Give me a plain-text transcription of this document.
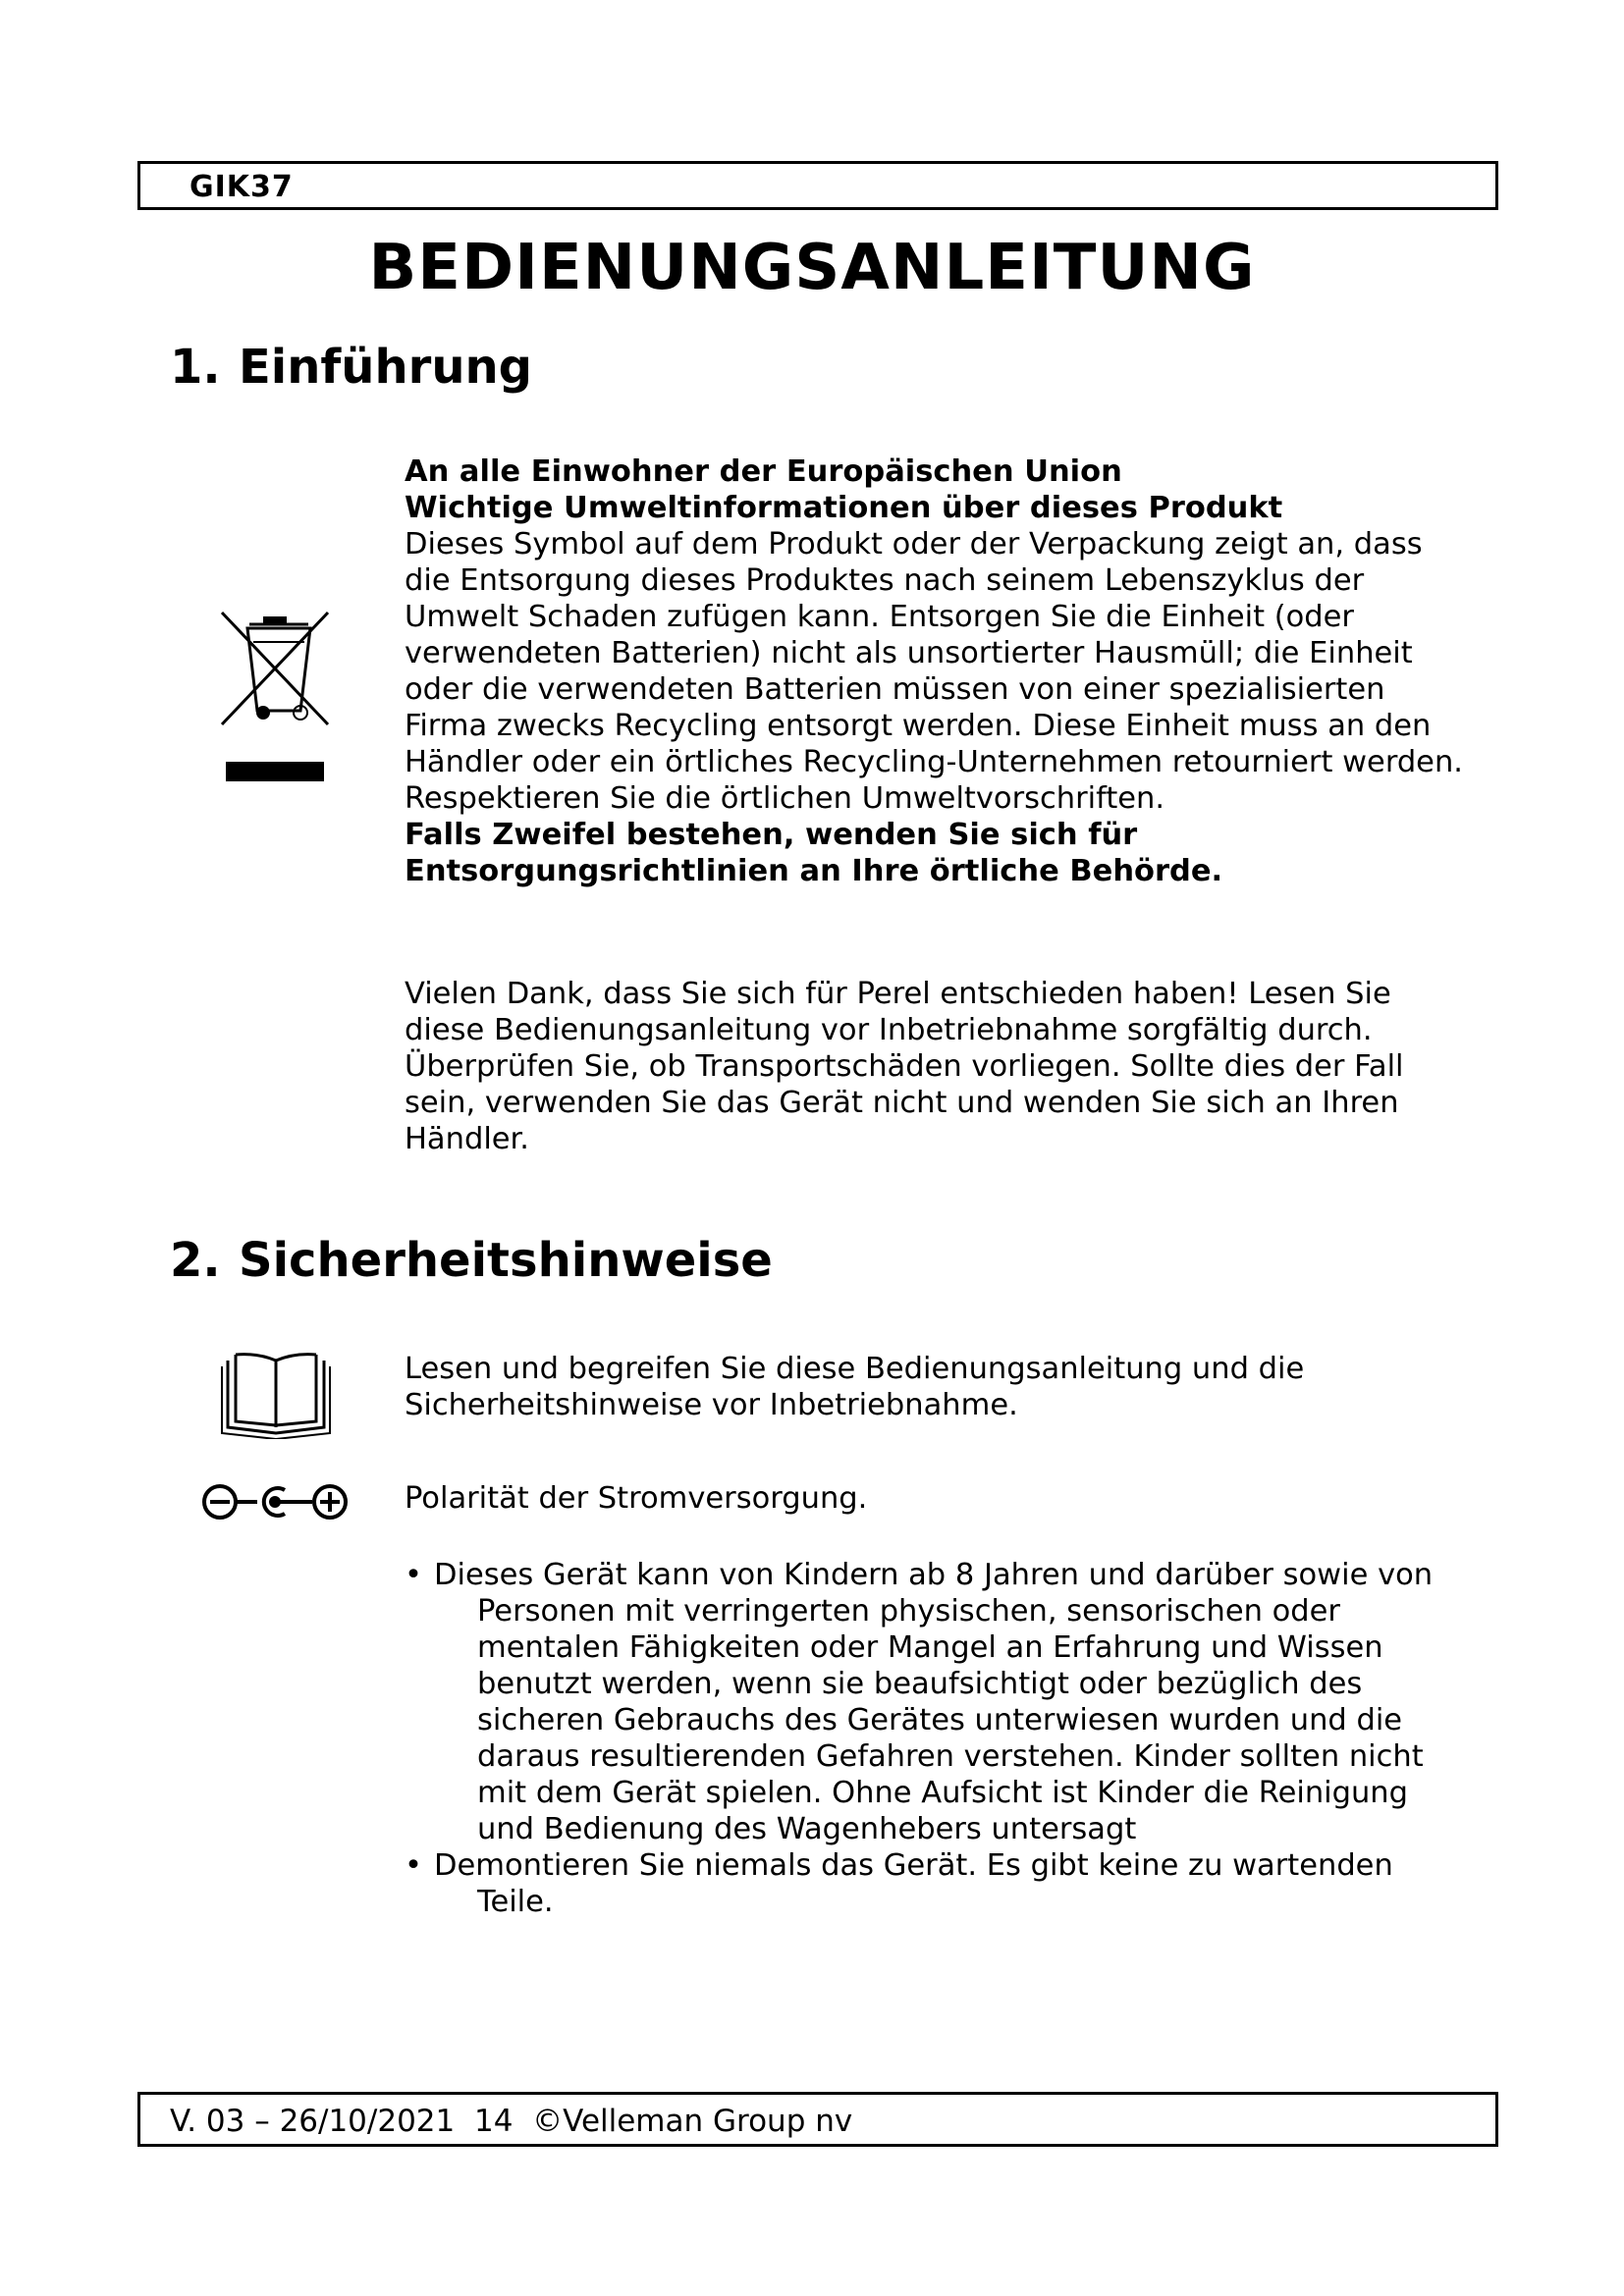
GIK37
BEDIENUNGSANLEITUNG
1. Einführung
An alle Einwohner der Europäischen Union
Wichtige Umweltinformationen über dieses Produkt
Dieses Symbol auf dem Produkt oder der Verpackung zeigt an, dass die Entsorgung dieses Produktes nach seinem Lebenszyklus der Umwelt Schaden zufügen kann. Entsorgen Sie die Einheit (oder verwendeten Batterien) nicht als unsortierter Hausmüll; die Einheit oder die verwendeten Batterien müssen von einer spezialisierten Firma zwecks Recycling entsorgt werden. Diese Einheit muss an den Händler oder ein örtliches Recycling-Unternehmen retourniert werden. Respektieren Sie die örtlichen Umweltvorschriften.
Falls Zweifel bestehen, wenden Sie sich für Entsorgungsrichtlinien an Ihre örtliche Behörde.
Vielen Dank, dass Sie sich für Perel entschieden haben! Lesen Sie diese Bedienungsanleitung vor Inbetriebnahme sorgfältig durch. Überprüfen Sie, ob Transportschäden vorliegen. Sollte dies der Fall sein, verwenden Sie das Gerät nicht und wenden Sie sich an Ihren Händler.
2. Sicherheitshinweise
Lesen und begreifen Sie diese Bedienungsanleitung und die Sicherheitshinweise vor Inbetriebnahme.
Polarität der Stromversorgung.
• Dieses Gerät kann von Kindern ab 8 Jahren und darüber sowie von Personen mit verringerten physischen, sensorischen oder mentalen Fähigkeiten oder Mangel an Erfahrung und Wissen benutzt werden, wenn sie beaufsichtigt oder bezüglich des sicheren Gebrauchs des Gerätes unterwiesen wurden und die daraus resultierenden Gefahren verstehen. Kinder sollten nicht mit dem Gerät spielen. Ohne Aufsicht ist Kinder die Reinigung und Bedienung des Wagenhebers untersagt
• Demontieren Sie niemals das Gerät. Es gibt keine zu wartenden Teile.
V. 03 – 26/10/2021 14 ©Velleman Group nv
